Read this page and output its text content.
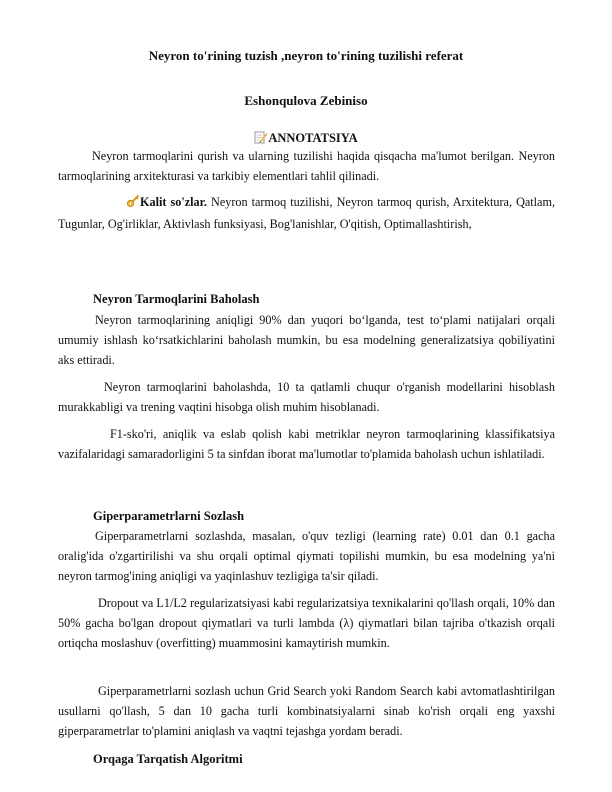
Neyron to'rining tuzish ,neyron to'rining tuzilishi referat
Eshonqulova Zebiniso
ANNOTATSIYA
Neyron tarmoqlarini qurish va ularning tuzilishi haqida qisqacha ma'lumot berilgan. Neyron tarmoqlarining arxitekturasi va tarkibiy elementlari tahlil qilinadi.
Kalit so'zlar. Neyron tarmoq tuzilishi, Neyron tarmoq qurish, Arxitektura, Qatlam, Tugunlar, Og'irliklar, Aktivlash funksiyasi, Bog'lanishlar, O'qitish, Optimallashtirish,
Neyron Tarmoqlarini Baholash
Neyron tarmoqlarining aniqligi 90% dan yuqori bo‘lganda, test to‘plami natijalari orqali umumiy ishlash ko‘rsatkichlarini baholash mumkin, bu esa modelning generalizatsiya qobiliyatini aks ettiradi.
Neyron tarmoqlarini baholashda, 10 ta qatlamli chuqur o'rganish modellarini hisoblash murakkabligi va trening vaqtini hisobga olish muhim hisoblanadi.
F1-sko'ri, aniqlik va eslab qolish kabi metriklar neyron tarmoqlarining klassifikatsiya vazifalaridagi samaradorligini 5 ta sinfdan iborat ma'lumotlar to'plamida baholash uchun ishlatiladi.
Giperparametrlarni Sozlash
Giperparametrlarni sozlashda, masalan, o'quv tezligi (learning rate) 0.01 dan 0.1 gacha oralig'ida o'zgartirilishi va shu orqali optimal qiymati topilishi mumkin, bu esa modelning ya'ni neyron tarmog'ining aniqligi va yaqinlashuv tezligiga ta'sir qiladi.
Dropout va L1/L2 regularizatsiyasi kabi regularizatsiya texnikalarini qo'llash orqali, 10% dan 50% gacha bo'lgan dropout qiymatlari va turli lambda (λ) qiymatlari bilan tajriba o'tkazish orqali ortiqcha moslashuv (overfitting) muammosini kamaytirish mumkin.
Giperparametrlarni sozlash uchun Grid Search yoki Random Search kabi avtomatlashtirilgan usullarni qo'llash, 5 dan 10 gacha turli kombinatsiyalarni sinab ko'rish orqali eng yaxshi giperparametrlar to'plamini aniqlash va vaqtni tejashga yordam beradi.
Orqaga Tarqatish Algoritmi
